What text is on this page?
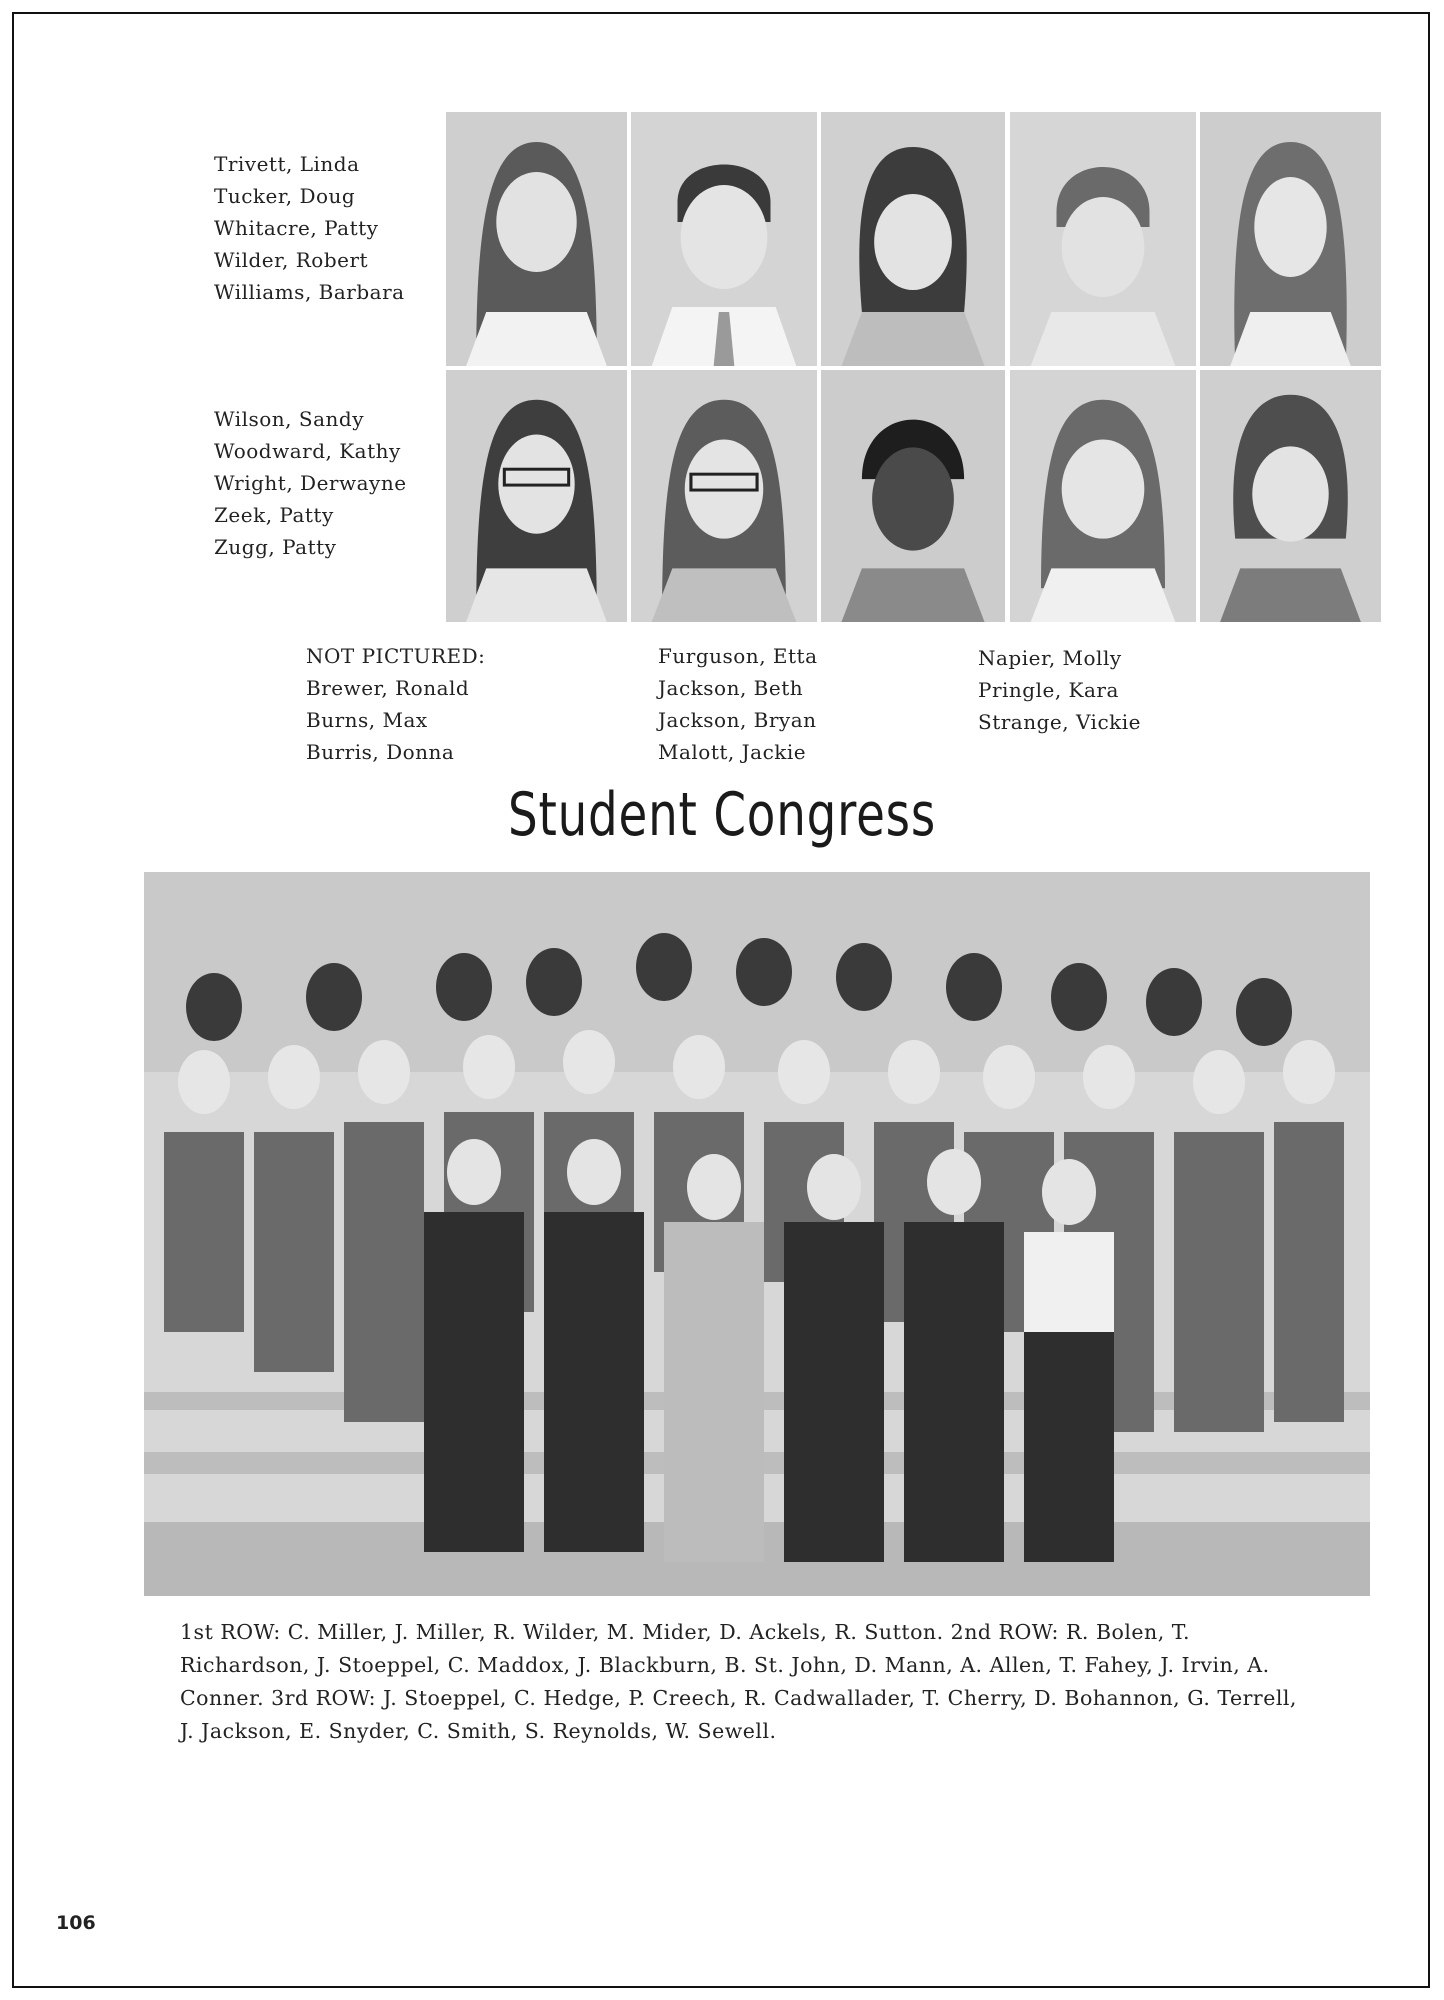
Trivett, Linda
Tucker, Doug
Whitacre, Patty
Wilder, Robert
Williams, Barbara
Wilson, Sandy
Woodward, Kathy
Wright, Derwayne
Zeek, Patty
Zugg, Patty
NOT PICTURED:
Brewer, Ronald
Burns, Max
Burris, Donna
Furguson, Etta
Jackson, Beth
Jackson, Bryan
Malott, Jackie
Napier, Molly
Pringle, Kara
Strange, Vickie
Student Congress
1st ROW: C. Miller, J. Miller, R. Wilder, M. Mider, D. Ackels, R. Sutton. 2nd ROW: R. Bolen, T. Richardson, J. Stoeppel, C. Maddox, J. Blackburn, B. St. John, D. Mann, A. Allen, T. Fahey, J. Irvin, A. Conner. 3rd ROW: J. Stoeppel, C. Hedge, P. Creech, R. Cadwallader, T. Cherry, D. Bohannon, G. Terrell, J. Jackson, E. Snyder, C. Smith, S. Reynolds, W. Sewell.
106
